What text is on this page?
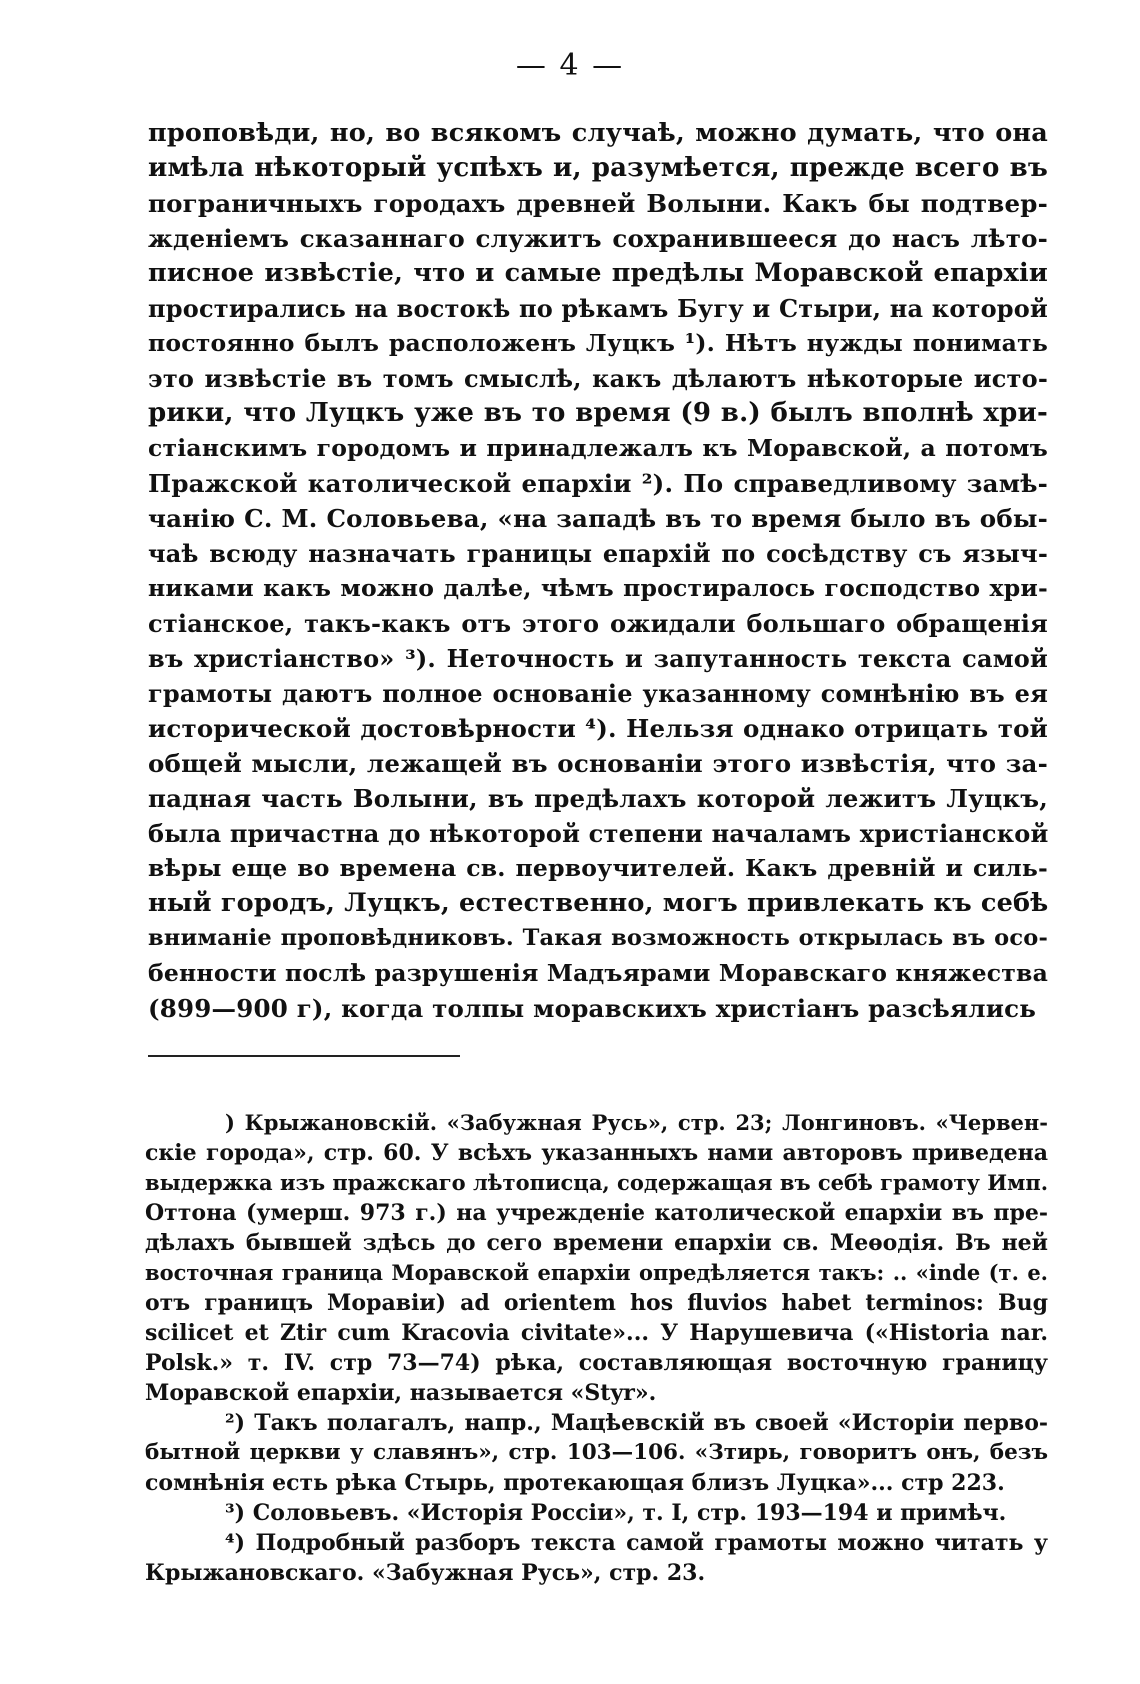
— 4 —
проповѣди, но, во всякомъ случаѣ, можно думать, что она
имѣла нѣкоторый успѣхъ и, разумѣется, прежде всего въ
пограничныхъ городахъ древней Волыни. Какъ бы подтвер-
жденіемъ сказаннаго служитъ сохранившееся до насъ лѣто-
писное извѣстіе, что и самые предѣлы Моравской епархіи
простирались на востокѣ по рѣкамъ Бугу и Стыри, на которой
постоянно былъ расположенъ Луцкъ ¹). Нѣтъ нужды понимать
это извѣстіе въ томъ смыслѣ, какъ дѣлаютъ нѣкоторые исто-
рики, что Луцкъ уже въ то время (9 в.) былъ вполнѣ хри-
стіанскимъ городомъ и принадлежалъ къ Моравской, а потомъ
Пражской католической епархіи ²). По справедливому замѣ-
чанію С. М. Соловьева, «на западѣ въ то время было въ обы-
чаѣ всюду назначать границы епархій по сосѣдству съ языч-
никами какъ можно далѣе, чѣмъ простиралось господство хри-
стіанское, такъ-какъ отъ этого ожидали большаго обращенія
въ христіанство» ³). Неточность и запутанность текста самой
грамоты даютъ полное основаніе указанному сомнѣнію въ ея
исторической достовѣрности ⁴). Нельзя однако отрицать той
общей мысли, лежащей въ основаніи этого извѣстія, что за-
падная часть Волыни, въ предѣлахъ которой лежитъ Луцкъ,
была причастна до нѣкоторой степени началамъ христіанской
вѣры еще во времена св. первоучителей. Какъ древній и силь-
ный городъ, Луцкъ, естественно, могъ привлекать къ себѣ
вниманіе проповѣдниковъ. Такая возможность открылась въ осо-
бенности послѣ разрушенія Мадъярами Моравскаго княжества
(899—900 г), когда толпы моравскихъ христіанъ разсѣялись
) Крыжановскій. «Забужная Русь», стр. 23; Лонгиновъ. «Червен-
скіе города», стр. 60. У всѣхъ указанныхъ нами авторовъ приведена
выдержка изъ пражскаго лѣтописца, содержащая въ себѣ грамоту Имп.
Оттона (умерш. 973 г.) на учрежденіе католической епархіи въ пре-
дѣлахъ бывшей здѣсь до сего времени епархіи св. Меѳодія. Въ ней
восточная граница Моравской епархіи опредѣляется такъ: .. «inde (т. е.
отъ границъ Моравіи) ad orientem hos fluvios habet terminos: Bug
scilicet et Ztir cum Kracovia civitate»... У Нарушевича («Historia nar.
Polsk.» т. IV. стр 73—74) рѣка, составляющая восточную границу
Моравской епархіи, называется «Styr».
²) Такъ полагалъ, напр., Мацѣевскій въ своей «Исторіи перво-
бытной церкви у славянъ», стр. 103—106. «Зтирь, говоритъ онъ, безъ
сомнѣнія есть рѣка Стырь, протекающая близъ Луцка»... стр 223.
³) Соловьевъ. «Исторія Россіи», т. I, стр. 193—194 и примѣч.
⁴) Подробный разборъ текста самой грамоты можно читать у
Крыжановскаго. «Забужная Русь», стр. 23.
